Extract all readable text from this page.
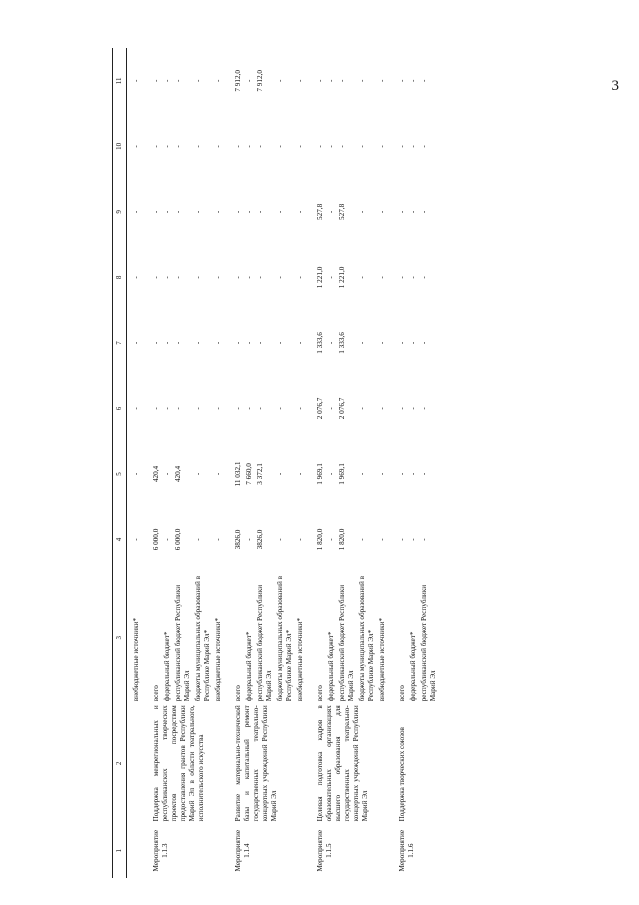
3
1	2	3	4	5	6	7	8	9	10	11
		внебюджетные источники*	-	-	-	-	-	-	-	-
Мероприятие 1.1.3	Поддержка межрегиональных и республиканских творческих проектов посредством предоставления грантов Республики Марий Эл в области театрального, исполнительского искусства	всего	6 000,0	420,4	-	-	-	-	-	-
		федеральный бюджет*	-	-	-	-	-	-	-	-
		республиканский бюджет Республики Марий Эл	6 000,0	420,4	-	-	-	-	-	-
		бюджеты муниципальных образований в Республике Марий Эл*	-	-	-	-	-	-	-	-
		внебюджетные источники*	-	-	-	-	-	-	-	-
Мероприятие 1.1.4	Развитие материально-технической базы и капитальный ремонт государственных театрально-концертных учреждений Республики Марий Эл	всего	3826,0	11 032,1	-	-	-	-	-	7 912,0
		федеральный бюджет*	-	7 660,0	-	-	-	-	-	-
		республиканский бюджет Республики Марий Эл	3826,0	3 372,1	-	-	-	-	-	7 912,0
		бюджеты муниципальных образований в Республике Марий Эл*	-	-	-	-	-	-	-	-
		внебюджетные источники*	-	-	-	-	-	-	-	-
Мероприятие 1.1.5	Целевая подготовка кадров в образовательных организациях высшего образования для государственных театрально-концертных учреждений Республики Марий Эл	всего	1 820,0	1 969,1	2 076,7	1 333,6	1 221,0	527,8	-	-
		федеральный бюджет*	-	-	-	-	-	-	-	-
		республиканский бюджет Республики Марий Эл	1 820,0	1 969,1	2 076,7	1 333,6	1 221,0	527,8	-	-
		бюджеты муниципальных образований в Республике Марий Эл*	-	-	-	-	-	-	-	-
		внебюджетные источники*	-	-	-	-	-	-	-	-
Мероприятие 1.1.6	Поддержка творческих союзов	всего	-	-	-	-	-	-	-	-
		федеральный бюджет*	-	-	-	-	-	-	-	-
		республиканский бюджет Республики Марий Эл	-	-	-	-	-	-	-	-
